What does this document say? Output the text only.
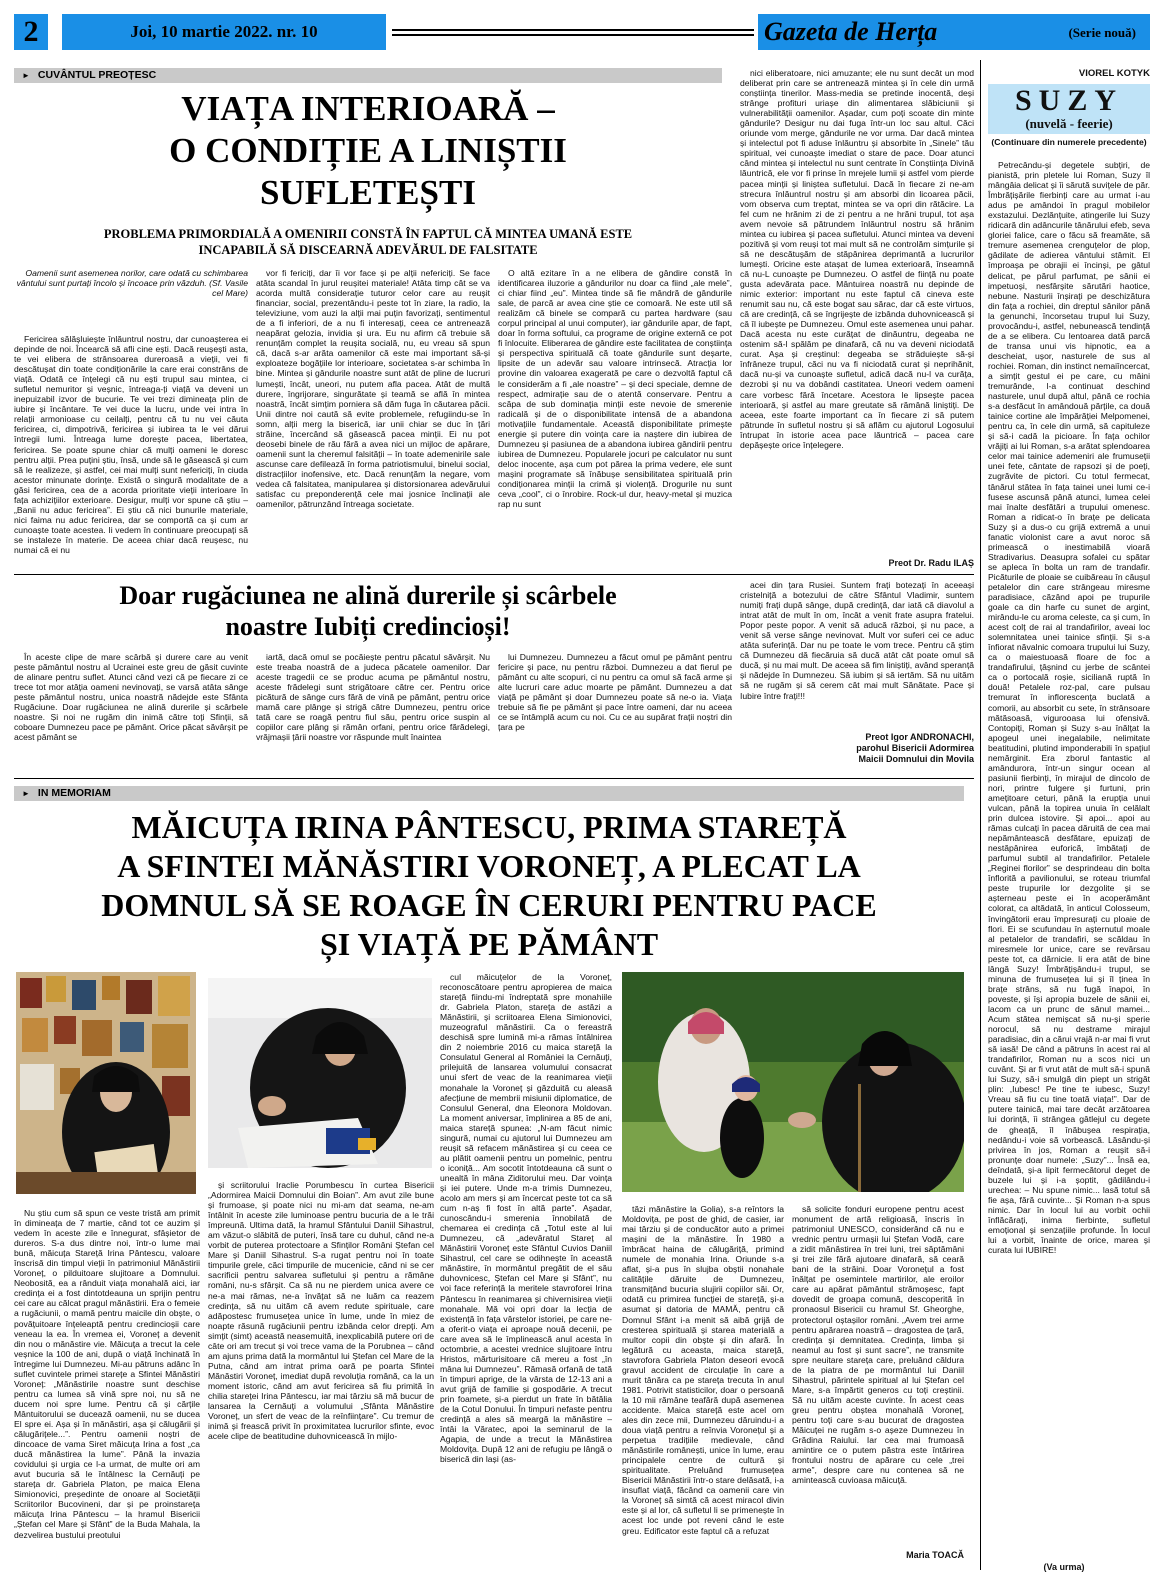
2	Joi, 10 martie 2022. nr. 10	Gazeta de Herța	(Serie nouă)
► CUVÂNTUL PREOȚESC
VIAȚA INTERIOARĂ –
O CONDIȚIE A LINIȘTII
SUFLETEȘTI
PROBLEMA PRIMORDIALĂ A OMENIRII CONSTĂ ÎN FAPTUL CĂ MINTEA UMANĂ ESTE
INCAPABILĂ SĂ DISCEARNĂ ADEVĂRUL DE FALSITATE
Oamenii sunt asemenea norilor, care odată cu schimbarea vântului sunt purtați încolo și încoace prin văzduh. (Sf. Vasile cel Mare)

Fericirea sălășluiește înlăuntrul nostru, dar cunoașterea ei depinde de noi. Încearcă să afli cine ești. Dacă reușești asta, te vei elibera de strânsoarea dureroasă a vieții, vei fi descătușat din toate condiționările la care erai constrâns de viață. Odată ce înțelegi că nu ești trupul sau mintea, ci sufletul nemuritor și veșnic, întreaga-ți viață va deveni un inepuizabil izvor de bucurie. Te vei trezi dimineața plin de iubire și încântare. Te vei duce la lucru, unde vei intra în relații armonioase cu ceilalți, pentru că tu nu vei căuta fericirea, ci, dimpotrivă, fericirea și iubirea ta le vei dărui întregii lumi. Întreaga lume dorește pacea, libertatea, fericirea. Se poate spune chiar că mulți oameni le doresc pentru alții. Prea puțini știu, însă, unde să le găsească și cum să le realizeze, și astfel, cei mai mulți sunt nefericiți, în ciuda acestor minunate dorințe. Există o singură modalitate de a găsi fericirea, cea de a acorda prioritate vieții interioare în fața achizițiilor exterioare. Desigur, mulți vor spune că știu – „Banii nu aduc fericirea”. Ei știu că nici bunurile materiale, nici faima nu aduc fericirea, dar se comportă ca și cum ar cunoaște toate acestea. Ii vedem în continuare preocupați să se instaleze în materie. De aceea chiar dacă reușesc, nu numai că ei nu

vor fi fericiți, dar îi vor face și pe alții nefericiți. Se face atâta scandal în jurul reușitei materiale! Atâta timp cât se va acorda multă considerație tuturor celor care au reușit financiar, social, prezentându-i peste tot în ziare, la radio, la televiziune, vom auzi la alții mai puțin favorizați, sentimentul de a fi inferiori, de a nu fi interesați, ceea ce antrenează neapărat gelozia, invidia și ura. Eu nu afirm că trebuie să renunțăm complet la reușita socială, nu, eu vreau să spun că, dacă s-ar arăta oamenilor că este mai important să-și exploateze bogățiile lor interioare, societatea s-ar schimba în bine. Mintea și gândurile noastre sunt atât de pline de lucruri lumești, încât, uneori, nu putem afla pacea. Atât de multă durere, îngrijorare, singurătate și teamă se află în mintea noastră, încât simțim porniera să dăm fuga în căutarea păcii. Unii dintre noi caută să evite problemele, refugiindu-se în somn, alții merg la biserică, iar unii chiar se duc în țări străine, încercând să găsească pacea minții. Ei nu pot deosebi binele de rău fără a avea nici un mijloc de apărare, oamenii sunt la cheremul falsității – în toate ademenirile sale ascunse care defilează în forma patriotismului, binelui social, distracțiilor inofensive, etc. Dacă renunțăm la negare, vom vedea că falsitatea, manipularea și distorsionarea adevărului satisfac cu preponderență cele mai josnice înclinații ale oamenilor, pătrunzând întreaga societate.

O altă ezitare în a ne elibera de gândire constă în identificarea iluzorie a gândurilor nu doar ca fiind „ale mele”, ci chiar fiind „eu”. Mintea tinde să fie mândră de gândurile sale, de parcă ar avea cine știe ce comoară. Ne este util să realizăm că binele se compară cu partea hardware (sau corpul principal al unui computer), iar gândurile apar, de fapt, doar în forma softului, ca programe de origine externă ce pot fi înlocuite. Eliberarea de gândire este facilitatea de conștiința și perspectiva spirituală că toate gândurile sunt deșarte, lipsite de un adevăr sau valoare intrinsecă. Atracția lor provine din valoarea exagerată pe care o dezvoltă faptul că le considerăm a fi „ale noastre” – și deci speciale, demne de respect, admirație sau de o atentă conservare. Pentru a scăpa de sub dominația minții este nevoie de smerenie radicală și de o disponibilitate intensă de a abandona motivațiile fundamentale. Această disponibilitate primește energie și putere din voința care ia naștere din iubirea de Dumnezeu și pasiunea de a abandona iubirea gândirii pentru iubirea de Dumnezeu. Popularele jocuri pe calculator nu sunt deloc inocente, așa cum pot părea la prima vedere, ele sunt mașini programate să înăbușe sensibilitatea spirituală prin condiționarea minții la crimă și violență. Drogurile nu sunt ceva „cool”, ci o înrobire. Rock-ul dur, heavy-metal și muzica rap nu sunt

nici eliberatoare, nici amuzante; ele nu sunt decât un mod deliberat prin care se antrenează mintea și în cele din urmă conștiința tinerilor. Mass-media se pretinde inocentă, deși strânge profituri uriașe din alimentarea slăbiciunii și vulnerabilității oamenilor. Așadar, cum poți scoate din minte gândurile? Desigur nu dai fuga într-un loc sau altul. Căci oriunde vom merge, gândurile ne vor urma. Dar dacă mintea și intelectul pot fi aduse înlăuntru și absorbite în „Sinele” tău spiritual, vei cunoaște imediat o stare de pace. Doar atunci când mintea și intelectul nu sunt centrate în Conștiința Divină lăuntrică, ele vor fi prinse în mrejele lumii și astfel vom pierde pacea minții și liniștea sufletului. Dacă în fiecare zi ne-am strecura înlăuntrul nostru și am absorbi din licoarea păcii, vom observa cum treptat, mintea se va opri din rătăcire. La fel cum ne hrănim zi de zi pentru a ne hrăni trupul, tot așa avem nevoie să pătrundem înlăuntrul nostru să hrănim mintea cu iubirea și pacea sufletului. Atunci mintea va deveni pozitivă și vom reuși tot mai mult să ne controlăm simțurile și să ne descătușăm de stăpânirea deprimantă a lucrurilor lumești. Oricine este atașat de lumea exterioară, înseamnă că nu-L cunoaște pe Dumnezeu. O astfel de ființă nu poate gusta adevărata pace. Mântuirea noastră nu depinde de nimic exterior: important nu este faptul că cineva este renumit sau nu, că este bogat sau sărac, dar că este virtuos, că are credință, că se îngrijește de izbânda duhovnicească și că îl iubește pe Dumnezeu. Omul este asemenea unui pahar. Dacă acesta nu este curățat de dinăuntru, degeaba ne ostenim să-l spălăm pe dinafară, că nu va deveni niciodată curat. Așa și creștinul: degeaba se străduiește să-și înfrâneze trupul, căci nu va fi niciodată curat și neprihănit, dacă nu-și va cunoaște sufletul, adică dacă nu-l va curăța, dezrobi și nu va dobândi castitatea. Uneori vedem oameni care vorbesc fără încetare. Acestora le lipsește pacea interioară, și astfel au mare greutate să rămână liniștiți. De aceea, este foarte important ca în fiecare zi să putem pătrunde în sufletul nostru și să aflăm cu ajutorul Logosului întrupat în istorie acea pace lăuntrică – pacea care depășește orice înțelegere.

Preot Dr. Radu ILAȘ
Doar rugăciunea ne alină durerile și scârbele
noastre Iubiți credincioși!

În aceste clipe de mare scârbă și durere care au venit peste pământul nostru al Ucrainei este greu de găsit cuvinte de alinare pentru suflet. Atunci când vezi că pe fiecare zi ce trece tot mor atâția oameni nevinovați, se varsă atâta sânge peste pământul nostru, unica noastră nădejde este Sfânta Rugăciune. Doar rugăciunea ne alină durerile și scârbele noastre. Și noi ne rugăm din inimă către toți Sfinții, să coboare Dumnezeu pace pe pământ. Orice păcat săvârșit pe acest pământ se

iartă, dacă omul se pocăiește pentru păcatul săvârșit. Nu este treaba noastră de a judeca păcatele oamenilor. Dar aceste tragedii ce se produc acuma pe pământul nostru, aceste frădelegi sunt strigătoare către cer. Pentru orice picătură de sânge curs fără de vină pe pământ, pentru orice mamă care plânge și strigă către Dumnezeu, pentru orice tată care se roagă pentru fiul său, pentru orice suspin al copiilor care plâng și rămân orfani, pentru orice fărădelegi, vrăjmașii țării noastre vor răspunde mult înaintea

lui Dumnezeu. Dumnezeu a făcut omul pe pământ pentru fericire și pace, nu pentru război. Dumnezeu a dat fierul pe pământ cu alte scopuri, ci nu pentru ca omul să facă arme și alte lucruri care aduc moarte pe pământ. Dumnezeu a dat viață pe pământ și doar Dumnezeu poate să ne-o ia. Viața trebuie să fie pe pământ și pace între oameni, dar nu aceea ce se întâmplă acum cu noi. Cu ce au supărat frații noștri din țara pe

acei din țara Rusiei. Suntem frați botezați în aceeași cristelniță a botezului de către Sfântul Vladimir, suntem numiți frați după sânge, după credință, dar iată că diavolul a intrat atât de mult în om, încât a venit frate asupra fratelui. Popor peste popor. A venit să aducă război, și nu pace, a venit să verse sânge nevinovat. Mult vor suferi cei ce aduc atâta suferință. Dar nu pe toate le vom trece. Pentru că știm că Dumnezeu dă fiecăruia să ducă atât cât poate omul să ducă, și nu mai mult. De aceea să fim liniștiți, având speranță și nădejde în Dumnezeu. Să iubim și să iertăm. Să nu uităm să ne rugăm și să cerem cât mai mult Sănătate. Pace și Iubire între frați!!!

Preot Igor ANDRONACHI,
parohul Bisericii Adormirea
Maicii Domnului din Movila
► IN MEMORIAM
MĂICUȚA IRINA PÂNTESCU, PRIMA STAREȚĂ
A SFINTEI MĂNĂSTIRI VORONEȚ, A PLECAT LA
DOMNUL SĂ SE ROAGE ÎN CERURI PENTRU PACE
ȘI VIAȚĂ PE PĂMÂNT

Nu știu cum să spun ce veste tristă am primit în dimineața de 7 martie, când tot ce auzim și vedem în aceste zile e înnegurat, sfâșietor de dureros. S-a dus dintre noi, într-o lume mai bună, măicuța Stareță Irina Pântescu, valoare înscrisă din timpul vieții în patrimoniul Mănăstirii Voroneț, o pilduitoare slujitoare a Domnului. Neobosită, ea a rânduit viața monahală aici, iar credința ei a fost dintotdeauna un sprijin pentru cei care au călcat pragul mănăstirii. Era o femeie a rugăciunii, o mamă pentru maicile din obște, o povățuitoare înțeleaptă pentru credincioșii care veneau la ea. În vremea ei, Voroneț a devenit din nou o mănăstire vie. Măicuța a trecut la cele veșnice la 100 de ani, după o viață închinată în întregime lui Dumnezeu. Mi-au pătruns adânc în suflet cuvintele primei starețe a Sfintei Mănăstiri Voroneț: „Mănăstirile noastre sunt deschise pentru ca lumea să vină spre noi, nu să ne ducem noi spre lume. Pentru că și cărțile Mântuitorului se ducează oamenii, nu se ducea El spre ei. Așa și în mănăstiri, așa și călugării și călugărițele...”. Pentru oamenii noștri de dincoace de vama Siret măicuța Irina a fost „ca ducă mănăstirea la lume”. Până la invazia covidului și urgia ce l-a urmat, de multe ori am avut bucuria să le întâlnesc la Cernăuți pe stareța dr. Gabriela Platon, pe maica Elena Simionovici, președinte de onoare al Societății Scriitorilor Bucovineni, dar și pe proinstareța măicuța Irina Pântescu – la hramul Bisericii „Ștefan cel Mare și Sfânt” de la Buda Mahala, la dezvelirea bustului preotului

și scriitorului Iraclie Porumbescu în curtea Bisericii „Adormirea Maicii Domnului din Boian”. Am avut zile bune și frumoase, și poate nici nu mi-am dat seama, ne-am întâlnit în aceste zile luminoase pentru bucuria de a le trăi împreună. Ultima dată, la hramul Sfântului Daniil Sihastrul, am văzut-o slăbită de puteri, însă tare cu duhul, când ne-a vorbit de puterea protectoare a Sfinților Români Ștefan cel Mare și Daniil Sihastrul. S-a rugat pentru noi în toate timpurile grele, căci timpurile de mucenicie, când ni se cer sacrificii pentru salvarea sufletului și pentru a rămâne români, nu-s sfârșit. Ca să nu ne pierdem unica avere ce ne-a mai rămas, ne-a învățat să ne luăm ca reazem credința, să nu uităm că avem redute spirituale, care adăpostesc frumusețea unice în lume, unde în miez de noapte răsună rugăciunii pentru izbânda celor drepți. Am simțit (simt) această neasemuită, inexplicabilă putere ori de câte ori am trecut și voi trece vama de la Porubnea – când am ajuns prima dată la mormântul lui Ștefan cel Mare de la Putna, când am intrat prima oară pe poarta Sfintei Mănăstiri Voroneț, imediat după revoluția română, ca la un moment istoric, când am avut fericirea să fiu primită în chilia stareței Irina Pântescu, iar mai târziu să mă bucur de lansarea la Cernăuți a volumului „Sfânta Mănăstire Voroneț, un sfert de veac de la reînființare”. Cu tremur de inimă și frească privit în proximitatea lucrurilor sfinte, evoc acele clipe de beatitudine duhovnicească în mijlo-

cul măicuțelor de la Voroneț, reconoscătoare pentru apropierea de maica stareță fiindu-mi îndreptată spre monahiile dr. Gabriela Platon, stareța de astăzi a Mănăstirii, și scriitoarea Elena Simionovici, muzeograful mănăstirii. Ca o fereastră deschisă spre lumină mi-a rămas întâlnirea din 2 noiembrie 2016 cu maica stareță la Consulatul General al României la Cernăuți, prilejuită de lansarea volumului consacrat unui sfert de veac de la reanimarea vieții monahale la Voroneț și găzduită cu aleasă afecțiune de membrii misiunii diplomatice, de Consulul General, dna Eleonora Moldovan. La moment aniversar, împlinirea a 85 de ani, maica stareță spunea: „N-am făcut nimic singură, numai cu ajutorul lui Dumnezeu am reușit să refacem mănăstirea și cu ceea ce au plătit oamenii pentru un pomelnic, pentru o iconiță... Am socotit întotdeauna că sunt o unealtă în mâna Ziditorului meu. Dar voința și iei putere. Unde m-a trimis Dumnezeu, acolo am mers și am încercat peste tot ca să cum n-aș fi fost în altă parte”. Așadar, cunoscându-i smerenia înnobilată de chemarea ei credința că „Totul este al lui Dumnezeu, că „adevăratul Stareț al Mănăstirii Voroneț este Sfântul Cuvios Daniil Sihastrul, cel care se odihnește în această mănăstire, în mormântul pregătit de el său duhovnicesc, Ștefan cel Mare și Sfânt”, nu voi face referință la meritele stavroforei Irina Pântescu în reanimarea și chivernisirea vieții monahale. Mă voi opri doar la lecția de existență în fața vârstelor istoriei, pe care ne-a oferit-o viața ei aproape nouă decenii, pe care avea să le împlinească anul acesta în octombrie, a acestei vrednice slujitoare întru Hristos, mărturisitoare că mereu a fost „în mâna lui Dumnezeu”. Rămasă orfană de tată în timpuri aprige, de la vârsta de 12-13 ani a avut grijă de familie și gospodărie. A trecut prin foamete, și-a pierdut un frate în bătălia de la Cotul Donului. În timpuri nefaste pentru credință a ales să meargă la mănăstire – întâi la Văratec, apoi la seminarul de la Agapia, de unde a trecut la Mănăstirea Moldovița. După 12 ani de refugiu pe lângă o biserică din lași (as-

tăzi mănăstire la Golia), s-a reîntors la Moldovița, pe post de ghid, de casier, iar mai târziu și de conducător auto a primei mașini de la mănăstire. În 1980 a îmbrăcat haina de călugăriță, primind numele de monahia Irina. Oriunde s-a aflat, și-a pus în slujba obștii nonahale calitățile dăruite de Dumnezeu, transmițând bucuria slujirii copiilor săi. Or, odată cu primirea funcției de stareță, și-a asumat și datoria de MAMĂ, pentru că Domnul Sfânt i-a menit să aibă grijă de cresterea spirituală și starea materială a multor copii din obște și din afară. În legătură cu aceasta, maica stareță, stavrofora Gabriela Platon deseori evocă gravul accident de circulație în care a murit tânăra ca pe stareța trecuta în anul 1981. Potrivit statisticilor, doar o persoană la 10 mii rămâne teafără după asemenea accidente. Maica stareță este acel om ales din zece mii, Dumnezeu dăruindu-i a doua viață pentru a reînvia Voronețul și a perpetua tradițiile medievale, când mănăstirile românești, unice în lume, erau principalele centre de cultură și spiritualitate. Preluând frumusețea Bisericii Mănăstirii într-o stare delăsată, i-a insuflat viață, făcând ca oamenii care vin la Voroneț să simtă că acest miracol divin este și al lor, că sufletul li se primenește în acest loc unde pot reveni când le este greu. Edificator este faptul că a refuzat

să solicite fonduri europene pentru acest monument de artă religioasă, înscris în patrimoniul UNESCO, considerând că nu e vrednic pentru urmașii lui Ștefan Vodă, care a zidit mănăstirea în trei luni, trei săptămâni și trei zile fără ajutoare dinafară, să ceară bani de la străini. Doar Voronețul a fost înălțat pe osemintele martirilor, ale eroilor care au apărat pământul strămoșesc, fapt dovedit de groapa comună, descoperită în pronaosul Bisericii cu hramul Sf. Gheorghe, protectorul oștașilor români. „Avem trei arme pentru apărarea noastră – dragostea de țară, credința și demnitatea. Credința, limba și neamul au fost și sunt sacre”, ne transmite spre neuitare stareța care, preluând căldura de la piatra de pe mormântul lui Daniil Sihastrul, părintele spiritual al lui Ștefan cel Mare, s-a împărtit generos cu toți creștinii. Să nu uităm aceste cuvinte. În acest ceas greu pentru obștea monahală Voroneț, pentru toți care s-au bucurat de dragostea Măicuței ne rugăm s-o așeze Dumnezeu în Grădina Raiului. Iar cea mai frumoasă amintire ce o putem păstra este întărirea frontului nostru de apărare cu cele „trei arme”, despre care nu contenea să ne amintească cuvioasa măicuță.

Maria TOACĂ
VIOREL KOTYK
SUZY
(nuvelă - feerie)
(Continuare din numerele precedente)

Petrecându-și degetele subțiri, de pianistă, prin pletele lui Roman, Suzy îl mângâia delicat și îi sărută suvițele de păr. Îmbrățișările fierbinți care au urmat i-au adus pe amândoi în pragul mobilelor exstazului. Dezlănțuite, atingerile lui Suzy ridicară din adâncurile tânărului efeb, seva gloriei falice, care o făcu să freamăte, să tremure asemenea crenguțelor de plop, gâdilate de adierea vântului stâmit. El împroașa pe obrajii ei încinși, pe gâtul delicat, pe părul parfumat, pe sânii ei impetuoși, nesfârșite sărutări haotice, nebune. Nasturii înșirați pe deschizătura din fața a rochiei, din dreptul sânilor până la genunchi, încorsetau trupul lui Suzy, provocându-i, astfel, nebunească tendință de a se elibera. Cu lentoarea dată parcă de transa unui vis hipnotic, ea a descheiat, ușor, nasturele de sus al rochiei. Roman, din instinct nemaiîncercat, a simțit gestul ei pe care, cu mâini tremurânde, l-a continuat deschind nasturele, unul după altul, până ce rochia s-a desfăcut în amândouă părțile, ca două tainice cortine ale împărăției Melpomenei, pentru ca, în cele din urmă, să capituleze și să-i cadă la picioare. În fața ochilor vrăjiți ai lui Roman, s-a arătat splendoarea celor mai tainice ademeniri ale frumuseții unei fete, cântate de rapsozi și de poeți, zugrăvite de pictori. Cu totul fermecat, tânărul stătea în fața tainei unei lumi ce-i fusese ascunsă până atunci, lumea celei mai înalte desfătări a trupului omenesc. Roman a ridicat-o în brațe pe delicata Suzy și a dus-o cu grijă extremă a unui fanatic violonist care a avut noroc să primească o inestimabilă vioară Stradivarius. Deasupra sofalei cu spătar se apleca în bolta un ram de trandafir. Picăturile de ploaie se cuibăreau în căușul petalelor din care strângeau miresme paradisiace, căzând apoi pe trupurile goale ca din harfe cu sunet de argint, mirându-le cu aroma celeste, ca și cum, în acest colț de rai al trandafirilor, aveai loc solemnitatea unei tainice sfinții. Și s-a înfiorat năvalnic comoara trupului lui Suzy, ca o maiestuoasă floare de foc a trandafirului, țâșnind cu jerbe de scântei ca o portocală roșie, siciliană ruptă în două! Petalele roz-pal, care pulsau tremurat în inflorescența buclată a comorii, au absorbit cu sete, în strânsoare mătăsoasă, vigurooasa lui ofensivă. Contopiți, Roman și Suzy s-au înălțat la apogeul unei inegalabile, nelimitate beatitudini, plutind imponderabili în spațiul nemărginit. Era zborul fantastic al amândurora, într-un singur ocean al pasiunii fierbinți, în mirajul de dincolo de nori, printre fulgere și furtuni, prin amețitoare ceturi, până la erupția unui vulcan, până la topirea unuia în celălalt prin dulcea istovire. Și apoi... apoi au rămas culcați în pacea dăruită de cea mai nepământească desfătare, epuizați de nestăpânirea euforică, îmbătați de parfumul subtil al trandafirilor. Petalele „Reginei florilor” se desprindeau din bolta înflorită a pavilionului, se roteau triumfal peste trupurile lor dezgolite și se așterneau peste ei în acoperământ colorat, ca altădată, în anticul Colosseum, învingătorii erau împresurați cu ploaie de flori. Ei se scufundau în așternutul moale al petalelor de trandafiri, se scăldau în miresmele lor unice, care se revărsau peste tot, ca dărnicie. Ii era atât de bine lângă Suzy! Îmbrățișându-i trupul, se minuna de frumusețea lui și îl ținea în brațe strâns, să nu fugă înapoi, în poveste, și își apropia buzele de sânii ei, lacom ca un prunc de sânul mamei... Acum stătea nemișcat să nu-și sperie norocul, să nu destrame mirajul paradisiac, din a cărui vrajă n-ar mai fi vrut să iasă! De când a pătruns în acest rai al trandafirilor, Roman nu a scos nici un cuvânt. Și ar fi vrut atât de mult să-i spună lui Suzy, să-i smulgă din piept un strigăt plin: ,Iubesc! Pe tine te iubesc, Suzy! Vreau să fiu cu tine toată viața!”. Dar de putere tainică, mai tare decât arzătoarea lui dorință, îi strângea gâtlejul cu degete de gheață, îl înăbușea respirația, nedându-i voie să vorbească. Lăsându-și privirea în jos, Roman a reușit să-i pronunțe doar numele: „Suzy”... Însă ea, deîndată, și-a lipit fermecătorul deget de buzele lui și i-a șoptit, gâdilându-i urechea: – Nu spune nimic... lasă totul să fie așa, fără cuvinte... Și Roman n-a spus nimic. Dar în locul lui au vorbit ochii înflăcărați, inima fierbinte, sufletul emoțional și senzațiile profunde. În locul lui a vorbit, înainte de orice, marea și curata lui IUBIRE!

(Va urma)
